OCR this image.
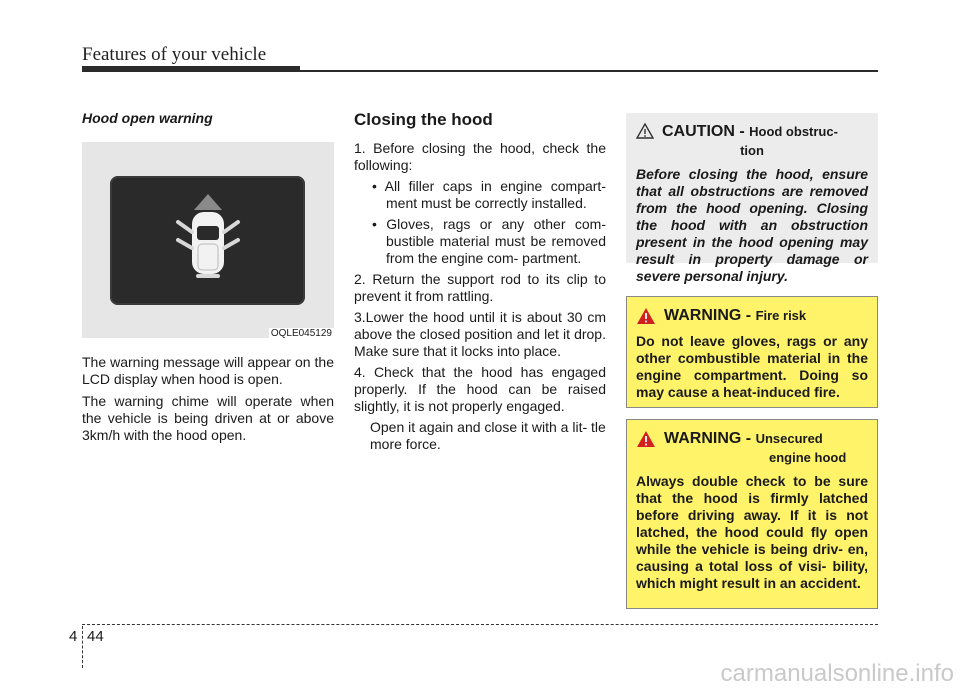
Features of your vehicle
Hood open warning
OQLE045129

The warning message will appear on the LCD display when hood is open.

The warning chime will operate when the vehicle is being driven at or above 3km/h with the hood open.

Closing the hood
1. Before closing the hood, check the following:
• All filler caps in engine compart- ment must be correctly installed.
• Gloves, rags or any other com- bustible material must be removed from the engine com- partment.
2. Return the support rod to its clip to prevent it from rattling.
3.Lower the hood until it is about 30 cm above the closed position and let it drop. Make sure that it locks into place.
4. Check that the hood has engaged properly. If the hood can be raised slightly, it is not properly engaged.
Open it again and close it with a lit- tle more force.
CAUTION - Hood obstruc-
tion
Before closing the hood, ensure that all obstructions are removed from the hood opening. Closing the hood with an obstruction present in the hood opening may result in property damage or severe personal injury.
WARNING - Fire risk
Do not leave gloves, rags or any other combustible material in the engine compartment. Doing so may cause a heat-induced fire.
WARNING - Unsecured
engine hood
Always double check to be sure that the hood is firmly latched before driving away. If it is not latched, the hood could fly open while the vehicle is being driv- en, causing a total loss of visi- bility, which might result in an accident.
4 44
carmanualsonline.info
